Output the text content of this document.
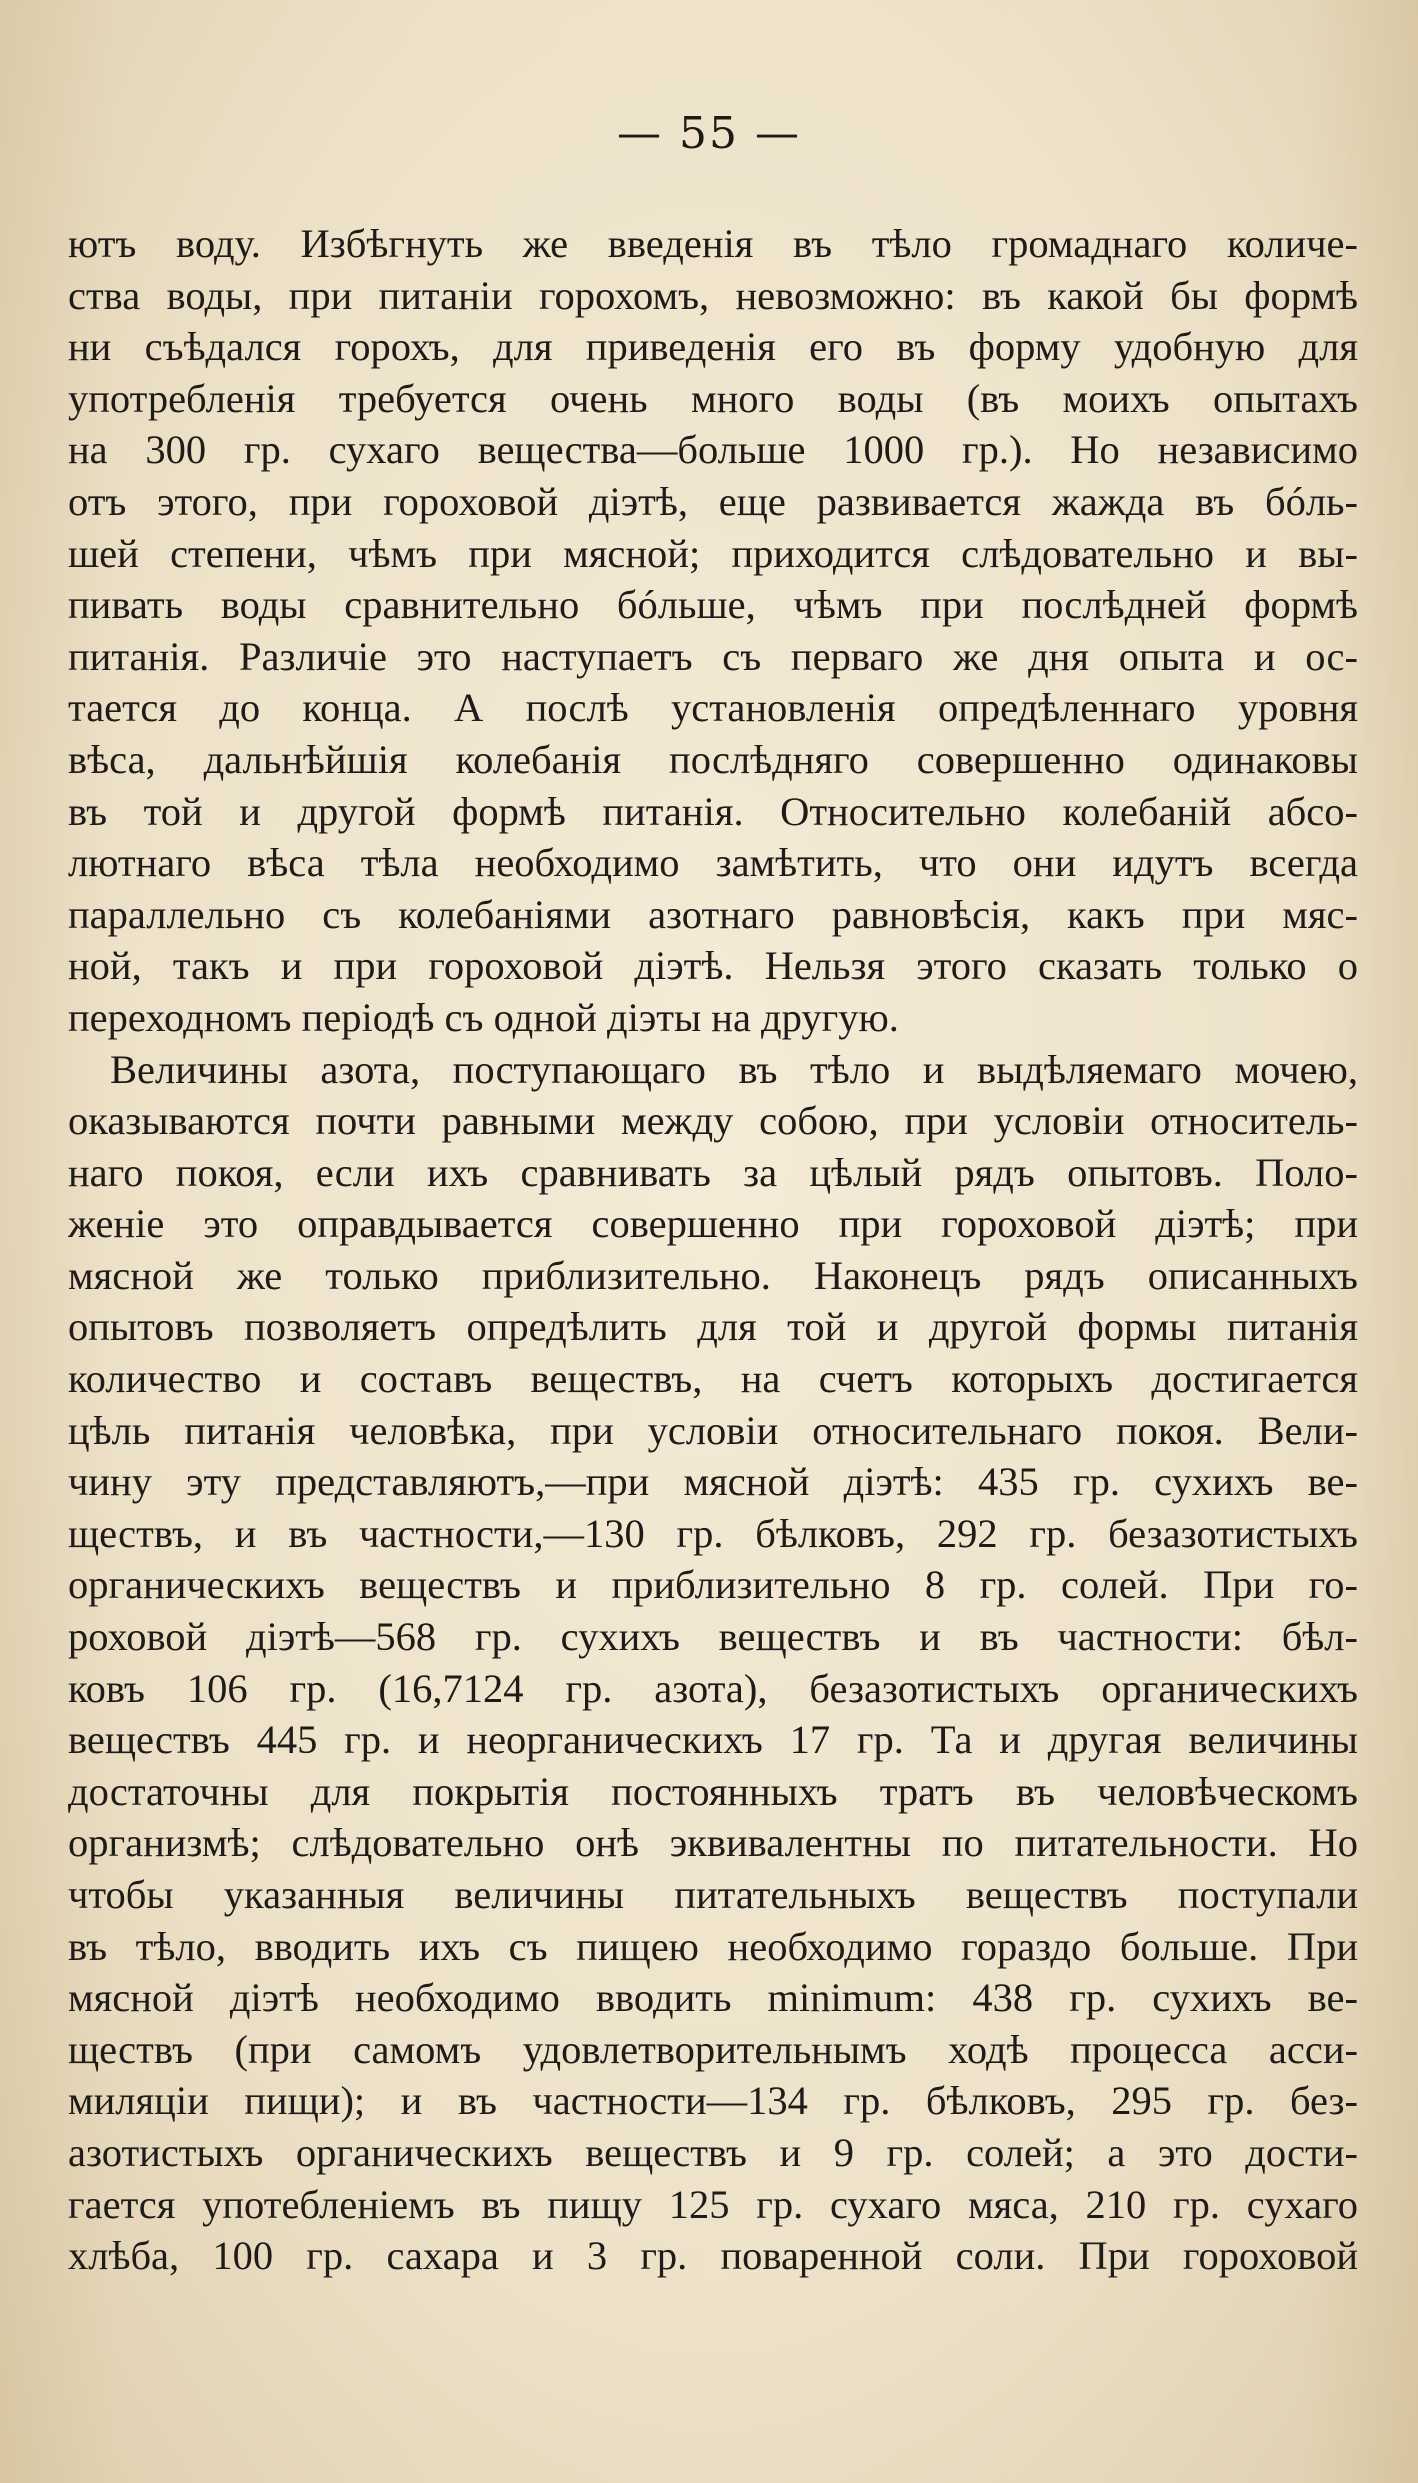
— 55 —
ютъ воду. Избѣгнуть же введенія въ тѣло громаднаго количе-
ства воды, при питаніи горохомъ, невозможно: въ какой бы формѣ
ни съѣдался горохъ, для приведенія его въ форму удобную для
употребленія требуется очень много воды (въ моихъ опытахъ
на 300 гр. сухаго вещества—больше 1000 гр.). Но независимо
отъ этого, при гороховой діэтѣ, еще развивается жажда въ бóль-
шей степени, чѣмъ при мясной; приходится слѣдовательно и вы-
пивать воды сравнительно бóльше, чѣмъ при послѣдней формѣ
питанія. Различіе это наступаетъ съ перваго же дня опыта и ос-
тается до конца. А послѣ установленія опредѣленнаго уровня
вѣса, дальнѣйшія колебанія послѣдняго совершенно одинаковы
въ той и другой формѣ питанія. Относительно колебаній абсо-
лютнаго вѣса тѣла необходимо замѣтить, что они идутъ всегда
параллельно съ колебаніями азотнаго равновѣсія, какъ при мяс-
ной, такъ и при гороховой діэтѣ. Нельзя этого сказать только о
переходномъ періодѣ съ одной діэты на другую.
Величины азота, поступающаго въ тѣло и выдѣляемаго мочею,
оказываются почти равными между собою, при условіи относитель-
наго покоя, если ихъ сравнивать за цѣлый рядъ опытовъ. Поло-
женіе это оправдывается совершенно при гороховой діэтѣ; при
мясной же только приблизительно. Наконецъ рядъ описанныхъ
опытовъ позволяетъ опредѣлить для той и другой формы питанія
количество и составъ веществъ, на счетъ которыхъ достигается
цѣль питанія человѣка, при условіи относительнаго покоя. Вели-
чину эту представляютъ,—при мясной діэтѣ: 435 гр. сухихъ ве-
ществъ, и въ частности,—130 гр. бѣлковъ, 292 гр. безазотистыхъ
органическихъ веществъ и приблизительно 8 гр. солей. При го-
роховой діэтѣ—568 гр. сухихъ веществъ и въ частности: бѣл-
ковъ 106 гр. (16,7124 гр. азота), безазотистыхъ органическихъ
веществъ 445 гр. и неорганическихъ 17 гр. Та и другая величины
достаточны для покрытія постоянныхъ тратъ въ человѣческомъ
организмѣ; слѣдовательно онѣ эквивалентны по питательности. Но
чтобы указанныя величины питательныхъ веществъ поступали
въ тѣло, вводить ихъ съ пищею необходимо гораздо больше. При
мясной діэтѣ необходимо вводить minimum: 438 гр. сухихъ ве-
ществъ (при самомъ удовлетворительнымъ ходѣ процесса асси-
миляціи пищи); и въ частности—134 гр. бѣлковъ, 295 гр. без-
азотистыхъ органическихъ веществъ и 9 гр. солей; а это дости-
гается употебленіемъ въ пищу 125 гр. сухаго мяса, 210 гр. сухаго
хлѣба, 100 гр. сахара и 3 гр. поваренной соли. При гороховой
